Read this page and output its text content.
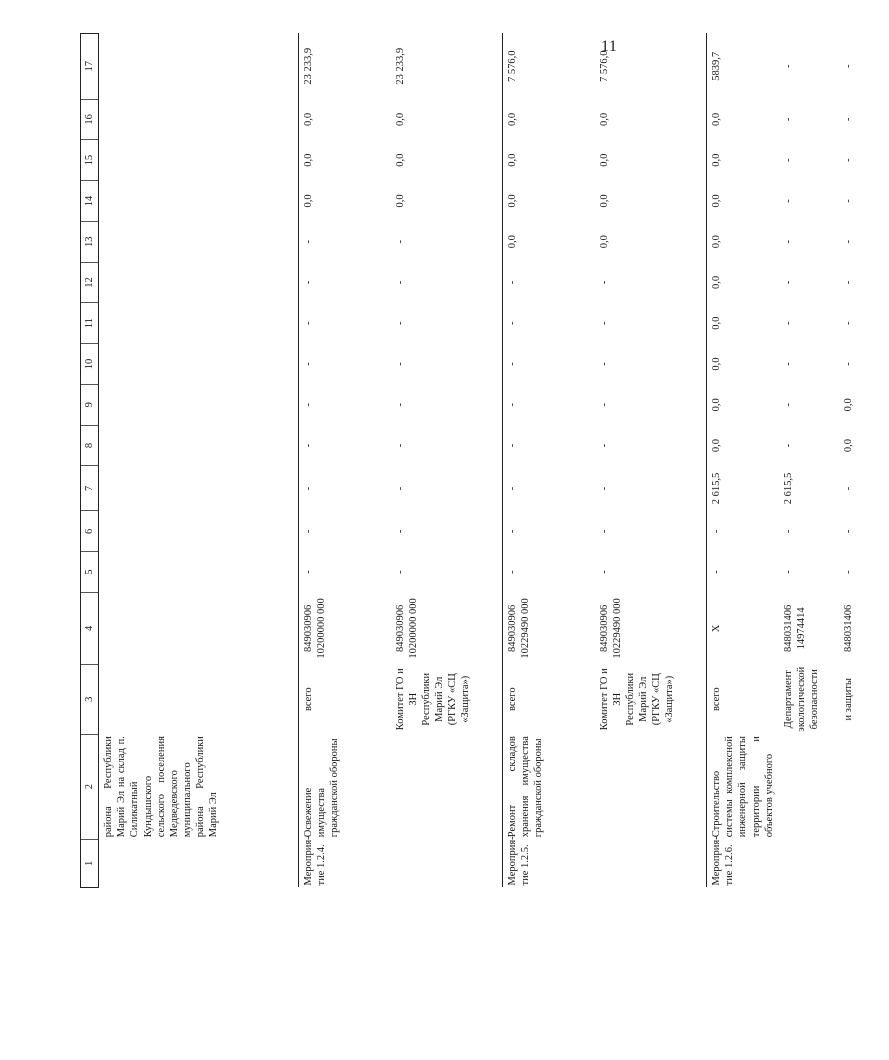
11
1	2	3	4	5	6	7	8	9	10	11	12	13	14	15	16	17
	района Республики Марий Эл на склад п. Силикатный Кундышского сельского поселения Медведевского муниципального района Республики Марий Эл															
Мероприя-тие 1.2.4.	Освежение имущества гражданской обороны	всего	849030906 10200000 000	-	-	-	-	-	-	-	-	-	0,0	0,0	0,0	23 233,9
		Комитет ГО и ЗН Республики Марий Эл (РГКУ «СЦ «Защита»)	849030906 10200000 000	-	-	-	-	-	-	-	-	-	0,0	0,0	0,0	23 233,9
Мероприя-тие 1.2.5.	Ремонт складов хранения имущества гражданской обороны	всего	849030906 10229490 000	-	-	-	-	-	-	-	-	0,0	0,0	0,0	0,0	7 576,0
		Комитет ГО и ЗН Республики Марий Эл (РГКУ «СЦ «Защита»)	849030906 10229490 000	-	-	-	-	-	-	-	-	0,0	0,0	0,0	0,0	7 576,0
Мероприя-тие 1.2.6.	Строительство системы комплексной инженерной защиты территории и объектов учебного	всего	X	-	-	2 615,5	0,0	0,0	0,0	0,0	0,0	0,0	0,0	0,0	0,0	5839,7
		Департамент экологической безопасности	848031406 14974414	-	-	2 615,5	-	-	-	-	-	-	-	-	-	-
		и защиты	848031406	-	-	-	0,0	0,0	-	-	-	-	-	-	-	-
